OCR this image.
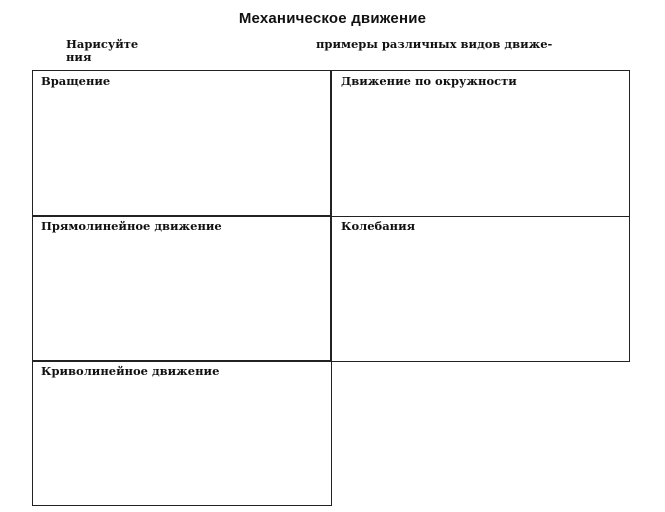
Механическое движение
Нарисуйте
ния
примеры различных видов движе-
Вращение	Движение по окружности
Прямолинейное движение	Колебания
Криволинейное движение
